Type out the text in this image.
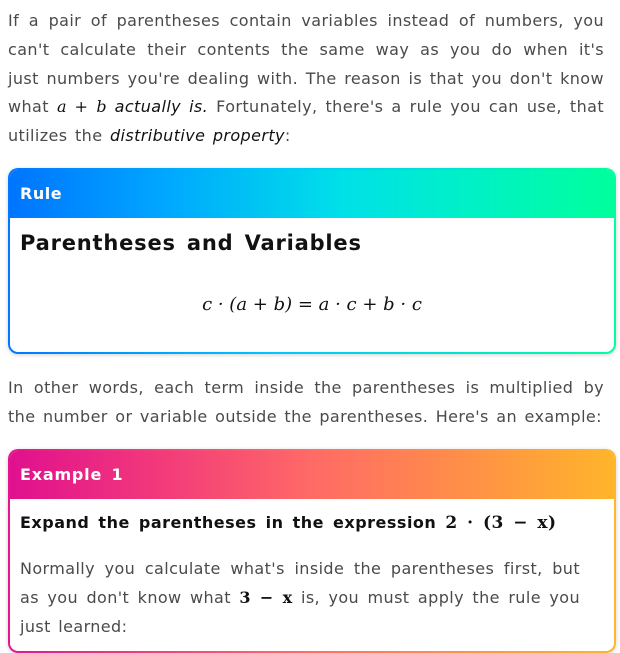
If a pair of parentheses contain variables instead of numbers, you can't calculate their contents the same way as you do when it's just numbers you're dealing with. The reason is that you don't know what a + b actually is. Fortunately, there's a rule you can use, that utilizes the distributive property:

Rule
Parentheses and Variables
c · (a + b) = a · c + b · c

In other words, each term inside the parentheses is multiplied by the number or variable outside the parentheses. Here's an example:

Example 1
Expand the parentheses in the expression 2 · (3 − x)

Normally you calculate what's inside the parentheses first, but as you don't know what 3 − x is, you must apply the rule you just learned:
